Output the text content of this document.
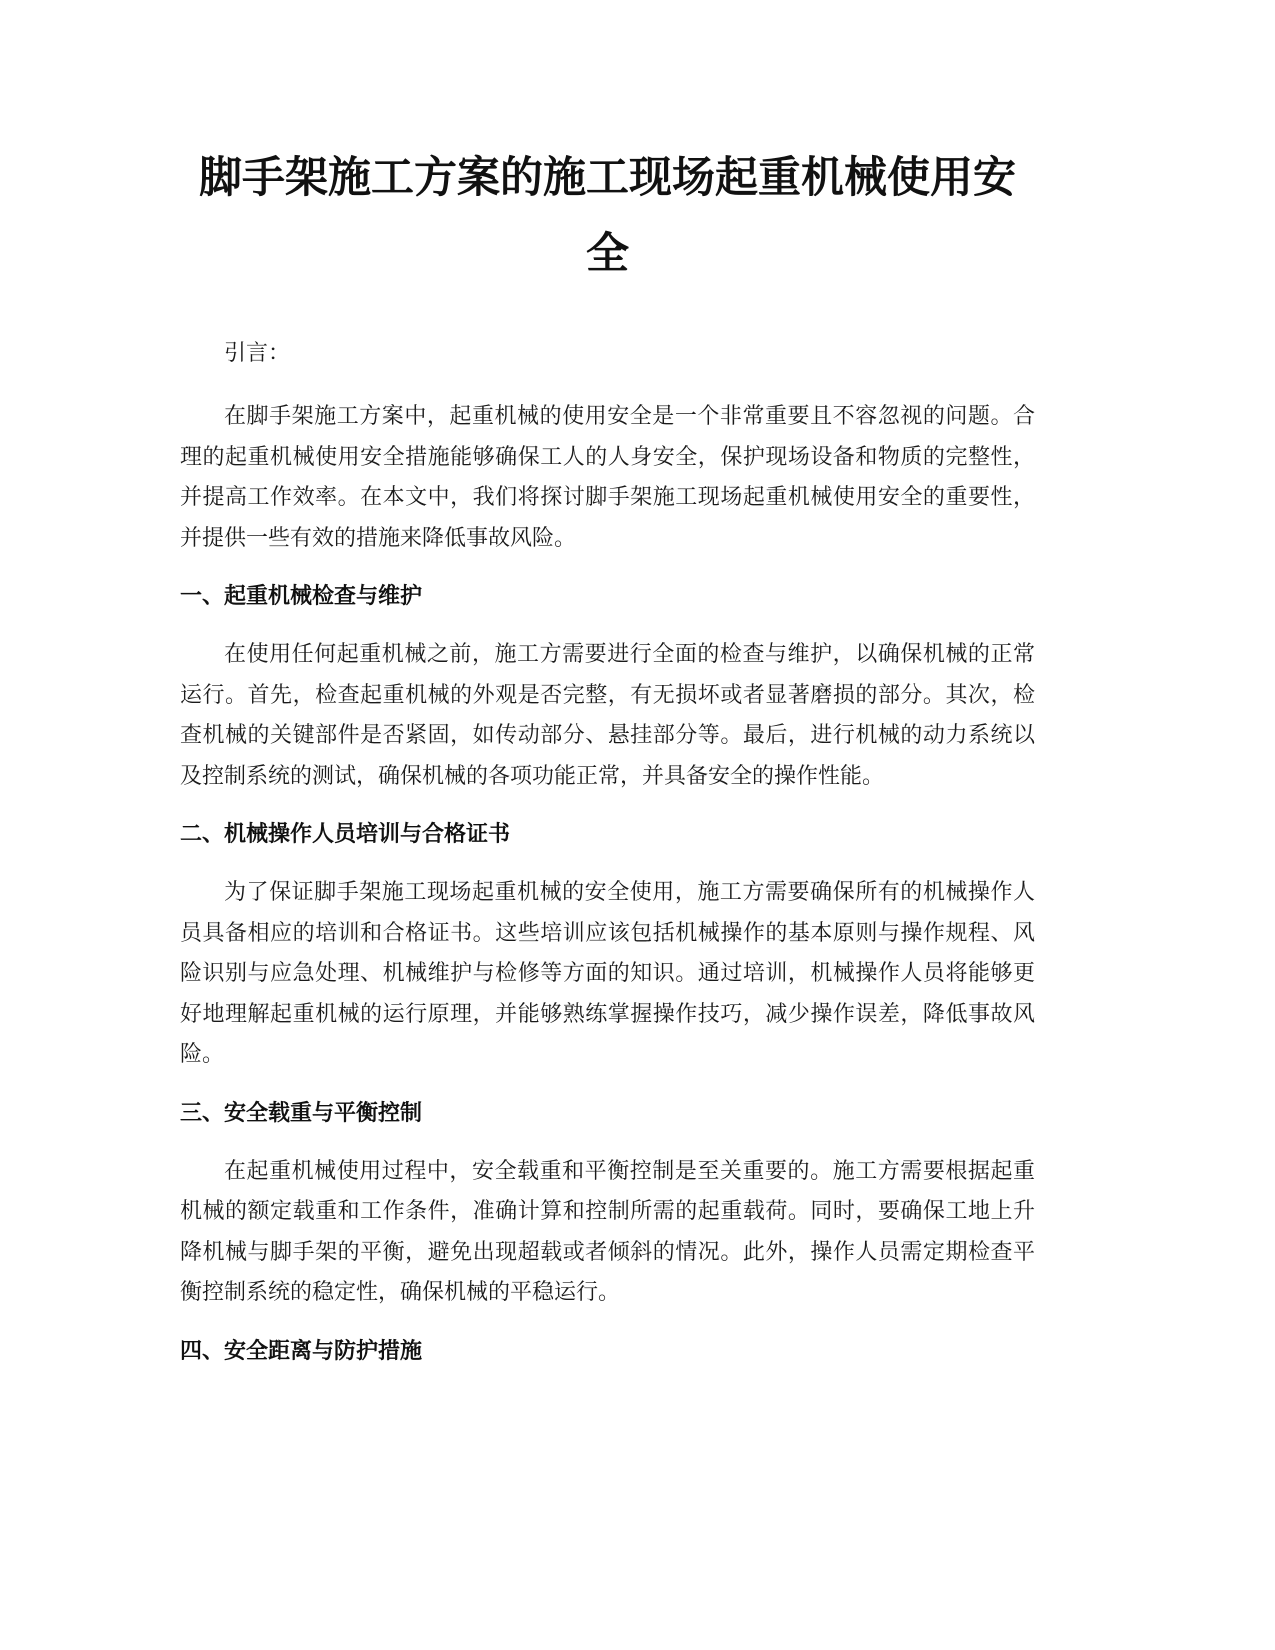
脚手架施工方案的施工现场起重机械使用安全

引言：

在脚手架施工方案中，起重机械的使用安全是一个非常重要且不容忽视的问题。合理的起重机械使用安全措施能够确保工人的人身安全，保护现场设备和物质的完整性，并提高工作效率。在本文中，我们将探讨脚手架施工现场起重机械使用安全的重要性，并提供一些有效的措施来降低事故风险。

一、起重机械检查与维护

在使用任何起重机械之前，施工方需要进行全面的检查与维护，以确保机械的正常运行。首先，检查起重机械的外观是否完整，有无损坏或者显著磨损的部分。其次，检查机械的关键部件是否紧固，如传动部分、悬挂部分等。最后，进行机械的动力系统以及控制系统的测试，确保机械的各项功能正常，并具备安全的操作性能。

二、机械操作人员培训与合格证书

为了保证脚手架施工现场起重机械的安全使用，施工方需要确保所有的机械操作人员具备相应的培训和合格证书。这些培训应该包括机械操作的基本原则与操作规程、风险识别与应急处理、机械维护与检修等方面的知识。通过培训，机械操作人员将能够更好地理解起重机械的运行原理，并能够熟练掌握操作技巧，减少操作误差，降低事故风险。

三、安全载重与平衡控制

在起重机械使用过程中，安全载重和平衡控制是至关重要的。施工方需要根据起重机械的额定载重和工作条件，准确计算和控制所需的起重载荷。同时，要确保工地上升降机械与脚手架的平衡，避免出现超载或者倾斜的情况。此外，操作人员需定期检查平衡控制系统的稳定性，确保机械的平稳运行。

四、安全距离与防护措施
